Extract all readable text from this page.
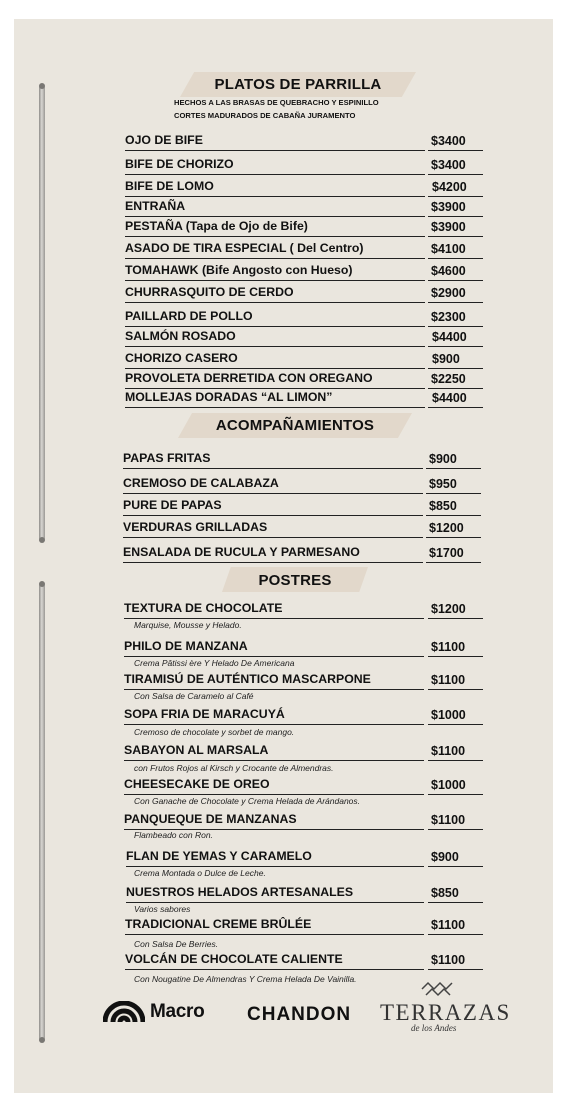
PLATOS DE PARRILLA
HECHOS A LAS BRASAS DE QUEBRACHO Y ESPINILLO
CORTES MADURADOS DE CABAÑA JURAMENTO
OJO DE BIFE	$3400
BIFE DE CHORIZO	$3400
BIFE DE LOMO	$4200
ENTRAÑA	$3900
PESTAÑA (Tapa de Ojo de Bife)	$3900
ASADO DE TIRA ESPECIAL ( Del Centro)	$4100
TOMAHAWK (Bife Angosto con Hueso)	$4600
CHURRASQUITO DE CERDO	$2900
PAILLARD DE POLLO	$2300
SALMÓN ROSADO	$4400
CHORIZO CASERO	$900
PROVOLETA DERRETIDA CON OREGANO	$2250
MOLLEJAS DORADAS “AL LIMON”	$4400
ACOMPAÑAMIENTOS
PAPAS FRITAS	$900
CREMOSO DE CALABAZA	$950
PURE DE PAPAS	$850
VERDURAS GRILLADAS	$1200
ENSALADA DE RUCULA Y PARMESANO	$1700
POSTRES
TEXTURA DE CHOCOLATE	$1200
Marquise, Mousse y Helado.
PHILO DE MANZANA	$1100
Crema Pâtissi ère Y Helado De Americana
TIRAMISÚ DE AUTÉNTICO MASCARPONE	$1100
Con Salsa de Caramelo al Café
SOPA FRIA DE MARACUYÁ	$1000
Cremoso de chocolate y sorbet de mango.
SABAYON AL MARSALA	$1100
con Frutos Rojos al Kirsch y Crocante de Almendras.
CHEESECAKE DE OREO	$1000
Con Ganache de Chocolate y Crema Helada de Arándanos.
PANQUEQUE DE MANZANAS	$1100
Flambeado con Ron.
FLAN DE YEMAS Y CARAMELO	$900
Crema Montada o Dulce de Leche.
NUESTROS HELADOS ARTESANALES	$850
Varios sabores
TRADICIONAL CREME BRÛLÉE	$1100
Con Salsa De Berries.
VOLCÁN DE CHOCOLATE CALIENTE	$1100
Con Nougatine De Almendras Y Crema Helada De Vainilla.
Macro CHANDON TERRAZAS
de los Andes
